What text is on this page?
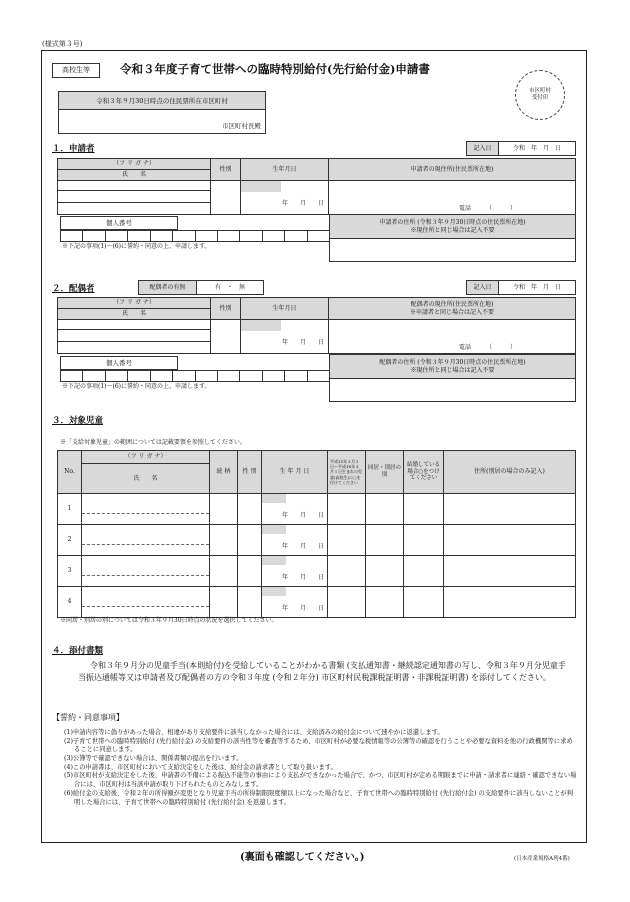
(様式第３号)
高校生等	令和３年度子育て世帯への臨時特別給付(先行給付金)申請書
市区町村
受付印
令和３年９月30日時点の住民票所在市区町村
市区町村長殿
１．申請者	記入日	令和　年　月　日
（フ リ ガ ナ）	性別	生年月日	申請者の現住所(住民票所在地)
氏　　名			

		年　　月　　日	電話　　　（　　　）

個人番号
※下記の事項(1)～(6)に誓約・同意の上、申請します。
申請者の住所 (令和３年９月30日時点の住民票所在地)
※現住所と同じ場合は記入不要

２．配偶者	配偶者の有無	有　・　無	記入日	令和　年　月　日
（フ リ ガ ナ）	性別	生年月日	配偶者の現住所(住民票所在地)
※申請者と同じ場合は記入不要

氏　　名			

		年　　月　　日	電話　　　（　　　）

個人番号
※下記の事項(1)～(6)に誓約・同意の上、申請します。
配偶者の住所 (令和３年９月30日時点の住民票所在地)
※現住所と同じ場合は記入不要

３．対象児童
※「支給対象児童」の範囲については記載要領を参照してください。
No.	（フ リ ガ ナ）	続 柄	性 別	生 年 月 日	平成15年４月２日～平成18年４月１日生まれの児童(高校生)に○を付けてください	同居・別居の別	結婚している場合○をつけてください	住所(別居の場合のみ記入)
	氏　　名							
1				年　　月　　日				

2				年　　月　　日				

3				年　　月　　日				

4				年　　月　　日				

※同居・別居の別については令和３年９月30日時点の状況を選択してください。
４．添付書類
令和３年９月分の児童手当(本則給付)を受給していることがわかる書類 (支払通知書・継続認定通知書の写し、令和３年９月分児童手当振込通帳等又は申請者及び配偶者の方の令和３年度 (令和２年分) 市区町村民税課税証明書・非課税証明書) を添付してください。
【誓約・同意事項】
(1)申請内容等に偽りがあった場合、相違があり支給要件に該当しなかった場合には、支給済みの給付金について速やかに返還します。
(2)子育て世帯への臨時特別給付 (先行給付金) の支給要件の該当性等を審査等するため、市区町村が必要な税情報等の公簿等の確認を行うことや必要な資料を他の行政機関等に求めることに同意します。
(3)公簿等で確認できない場合は、関係書類の提出を行います。
(4)この申請書は、市区町村において支給決定をした後は、給付金の請求書として取り扱います。
(5)市区町村が支給決定をした後、申請書の不備による振込不能等の事由により支払ができなかった場合で、かつ、市区町村が定める期限までに申請・請求者に連絡・確認できない場合には、市区町村は当該申請が取り下げられたものとみなします。
(6)給付金の支給後、令和２年の所得額が変更となり児童手当の所得制限限度額以上になった場合など、子育て世帯への臨時特別給付 (先行給付金) の支給要件に該当しないことが判明した場合には、子育て世帯への臨時特別給付 (先行給付金) を返還します。
(裏面も確認してください。)	(日本産業規格A列4番)
